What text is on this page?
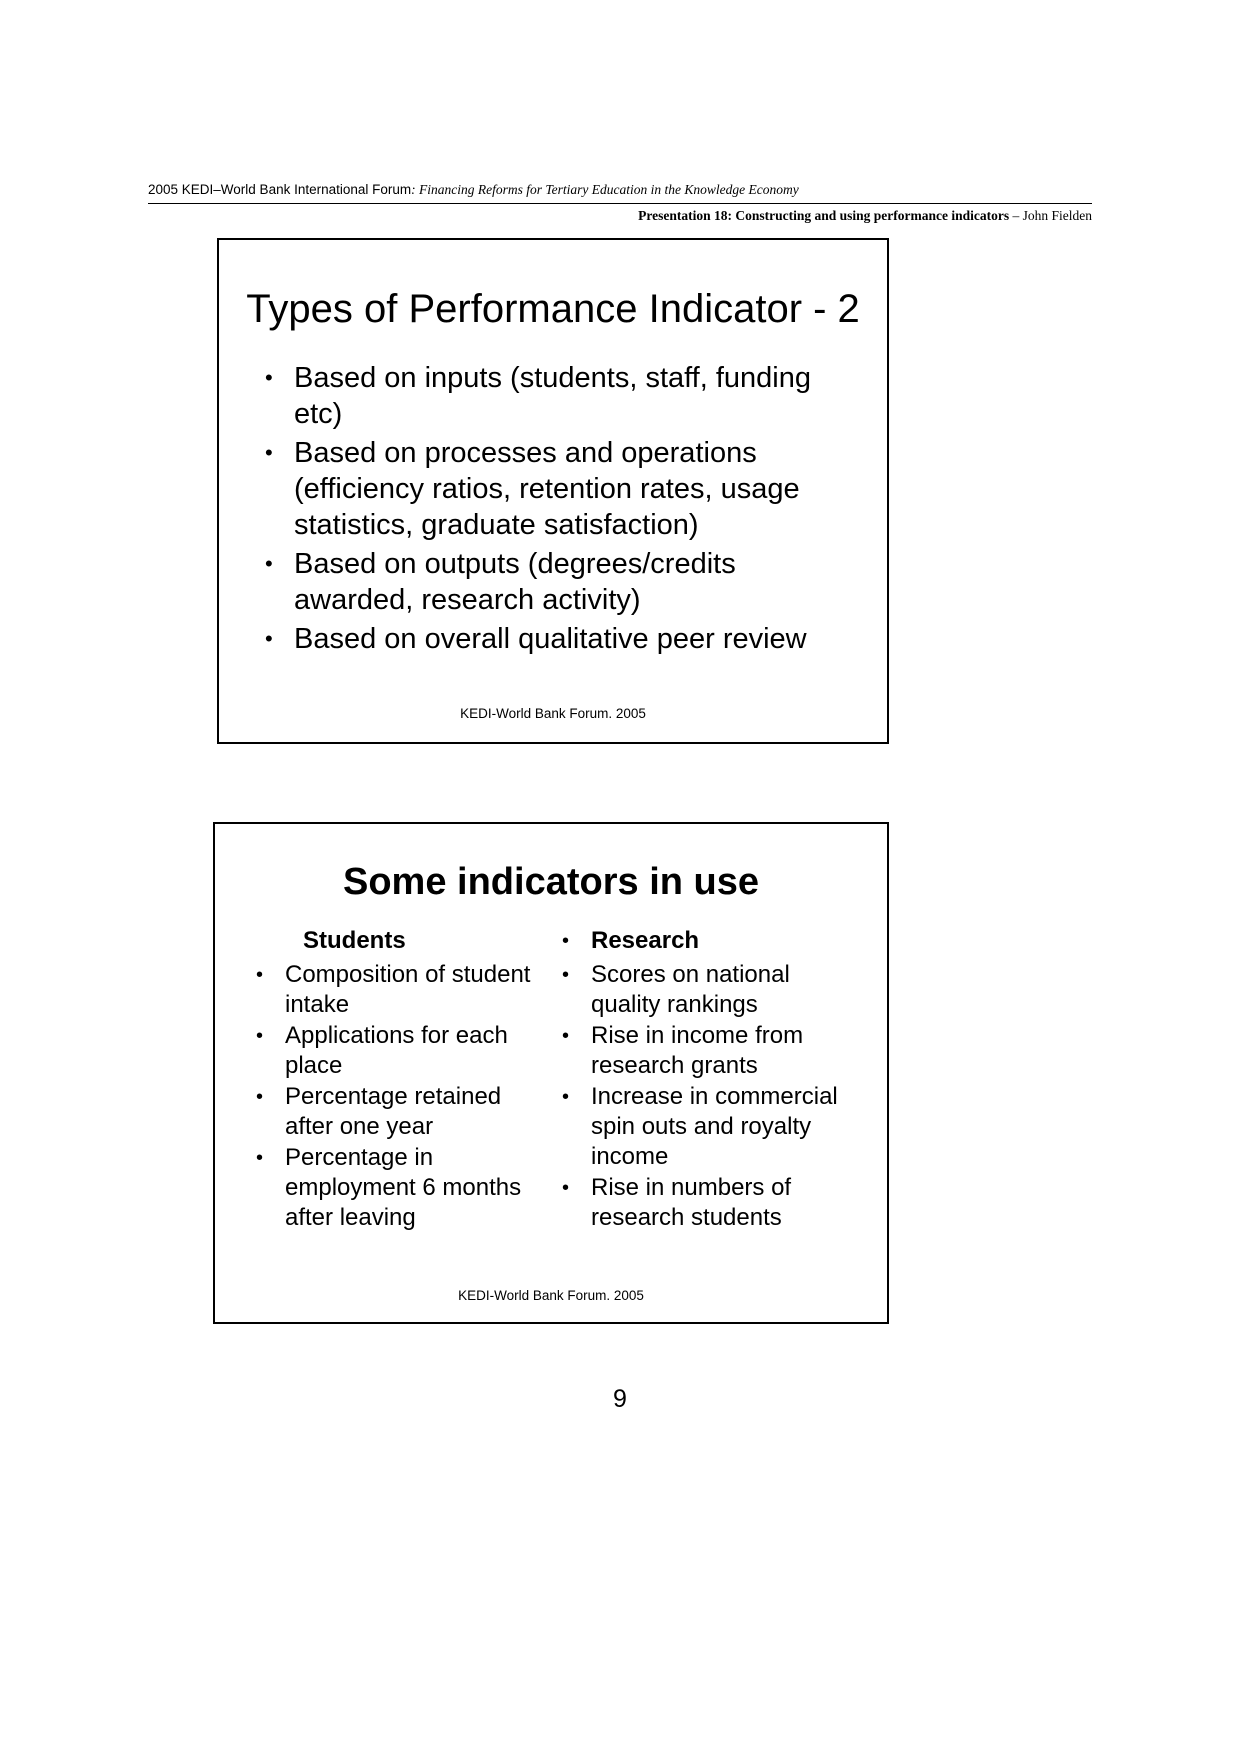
2005 KEDI–World Bank International Forum: Financing Reforms for Tertiary Education in the Knowledge Economy
Presentation 18: Constructing and using performance indicators – John Fielden
Types of Performance Indicator - 2
• Based on inputs (students, staff, funding etc)
• Based on processes and operations (efficiency ratios, retention rates, usage statistics, graduate satisfaction)
• Based on outputs (degrees/credits awarded, research activity)
• Based on overall qualitative peer review
KEDI-World Bank Forum. 2005
Some indicators in use
Students
• Composition of student intake
• Applications for each place
• Percentage retained after one year
• Percentage in employment 6 months after leaving
• Research
• Scores on national quality rankings
• Rise in income from research grants
• Increase in commercial spin outs and royalty income
• Rise in numbers of research students
KEDI-World Bank Forum. 2005
9
